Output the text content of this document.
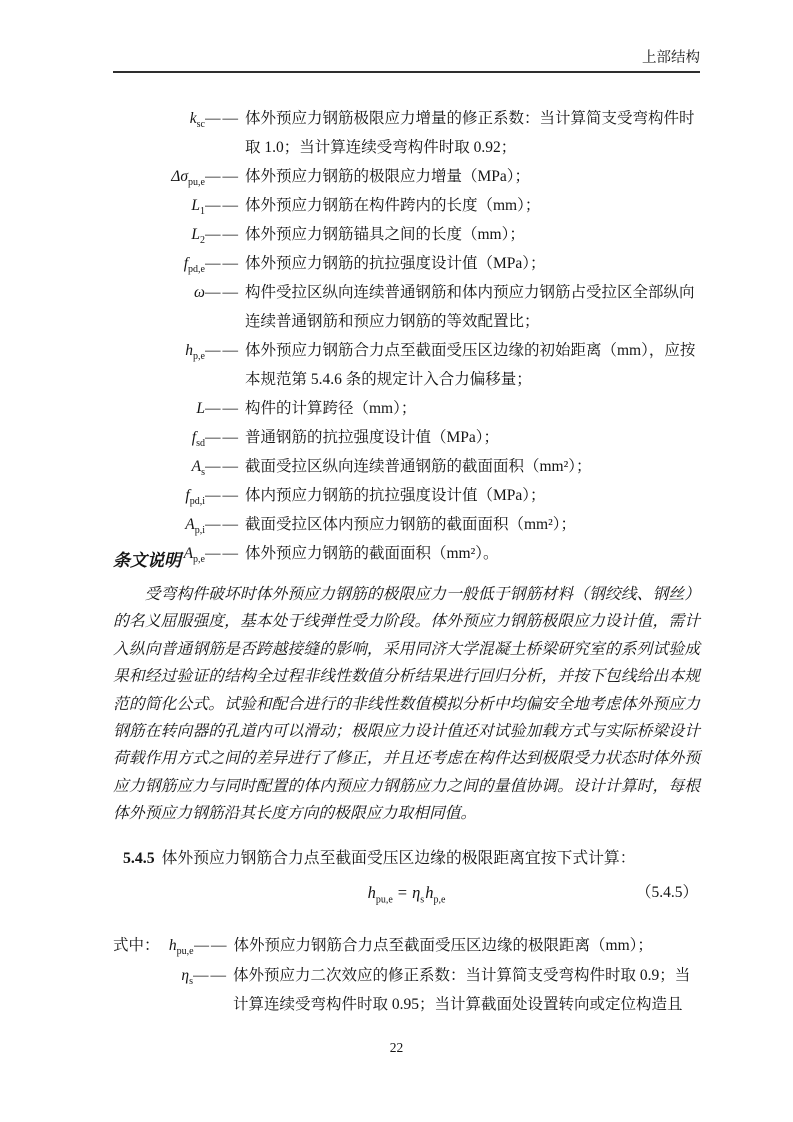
上部结构
$k_{sc}$ —— 体外预应力钢筋极限应力增量的修正系数：当计算简支受弯构件时取 1.0；当计算连续受弯构件时取 0.92；
$\Delta\sigma_{pu,e}$ —— 体外预应力钢筋的极限应力增量（MPa）；
$L_1$ —— 体外预应力钢筋在构件跨内的长度（mm）；
$L_2$ —— 体外预应力钢筋锚具之间的长度（mm）；
$f_{pd,e}$ —— 体外预应力钢筋的抗拉强度设计值（MPa）；
ω —— 构件受拉区纵向连续普通钢筋和体内预应力钢筋占受拉区全部纵向连续普通钢筋和预应力钢筋的等效配置比；
$h_{p,e}$ —— 体外预应力钢筋合力点至截面受压区边缘的初始距离（mm），应按本规范第 5.4.6 条的规定计入合力偏移量；
L —— 构件的计算跨径（mm）；
$f_{sd}$ —— 普通钢筋的抗拉强度设计值（MPa）；
$A_s$ —— 截面受拉区纵向连续普通钢筋的截面面积（mm²）；
$f_{pd,i}$ —— 体内预应力钢筋的抗拉强度设计值（MPa）；
$A_{p,i}$ —— 截面受拉区体内预应力钢筋的截面面积（mm²）；
$A_{p,e}$ —— 体外预应力钢筋的截面面积（mm²）。
条文说明
受弯构件破坏时体外预应力钢筋的极限应力一般低于钢筋材料（钢绞线、钢丝）的名义屈服强度，基本处于线弹性受力阶段。体外预应力钢筋极限应力设计值，需计入纵向普通钢筋是否跨越接缝的影响，采用同济大学混凝土桥梁研究室的系列试验成果和经过验证的结构全过程非线性数值分析结果进行回归分析，并按下包线给出本规范的简化公式。试验和配合进行的非线性数值模拟分析中均偏安全地考虑体外预应力钢筋在转向器的孔道内可以滑动；极限应力设计值还对试验加载方式与实际桥梁设计荷载作用方式之间的差异进行了修正，并且还考虑在构件达到极限受力状态时体外预应力钢筋应力与同时配置的体内预应力钢筋应力之间的量值协调。设计计算时，每根体外预应力钢筋沿其长度方向的极限应力取相同值。
5.4.5 体外预应力钢筋合力点至截面受压区边缘的极限距离宜按下式计算：
$h_{pu,e} = \eta_sh_{p,e}$	（5.4.5）
式中： $h_{pu,e}$ —— 体外预应力钢筋合力点至截面受压区边缘的极限距离（mm）；
$\eta_s$ —— 体外预应力二次效应的修正系数：当计算简支受弯构件时取 0.9；当计算连续受弯构件时取 0.95；当计算截面处设置转向或定位构造且
22
